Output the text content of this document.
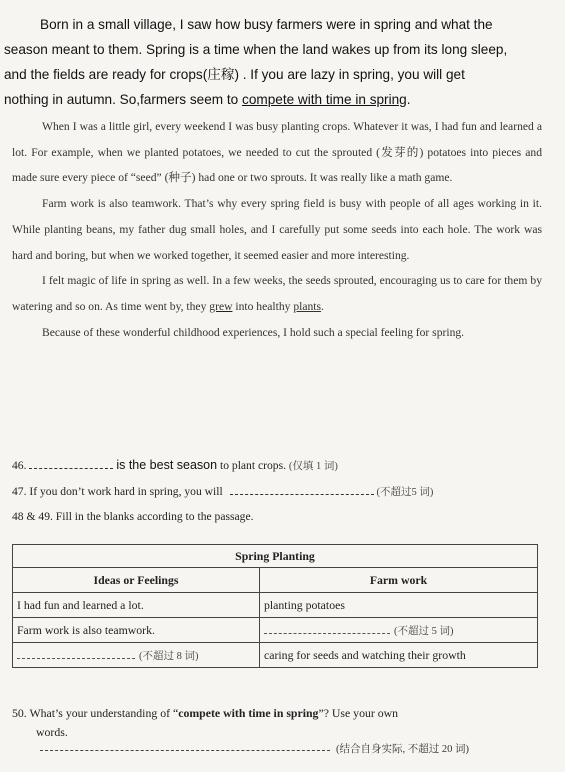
Born in a small village, I saw how busy farmers were in spring and what the
season meant to them. Spring is a time when the land wakes up from its long sleep,
and the fields are ready for crops(庄稼) . If you are lazy in spring, you will get
nothing in autumn. So,farmers seem to compete with time in spring.

When I was a little girl, every weekend I was busy planting crops. Whatever it was, I had fun and learned a lot. For example, when we planted potatoes, we needed to cut the sprouted (发芽的) potatoes into pieces and made sure every piece of “seed” (种子) had one or two sprouts. It was really like a math game.

Farm work is also teamwork. That’s why every spring field is busy with people of all ages working in it. While planting beans, my father dug small holes, and I carefully put some seeds into each hole. The work was hard and boring, but when we worked together, it seemed easier and more interesting.

I felt magic of life in spring as well. In a few weeks, the seeds sprouted, encouraging us to care for them by watering and so on. As time went by, they grew into healthy plants.

Because of these wonderful childhood experiences, I hold such a special feeling for spring.

46.	is the best season to plant crops. (仅填 1 词)
47. If you don’t work hard in spring, you will	(不超过5 词)
48 & 49. Fill in the blanks according to the passage.
Spring Planting	
Ideas or Feelings	Farm work
I had fun and learned a lot.	planting potatoes
Farm work is also teamwork.	(不超过 5 词)
(不超过 8 词)	caring for seeds and watching their growth
50. What’s your understanding of “compete with time in spring”? Use your own
words.
(结合自身实际, 不超过 20 词)
